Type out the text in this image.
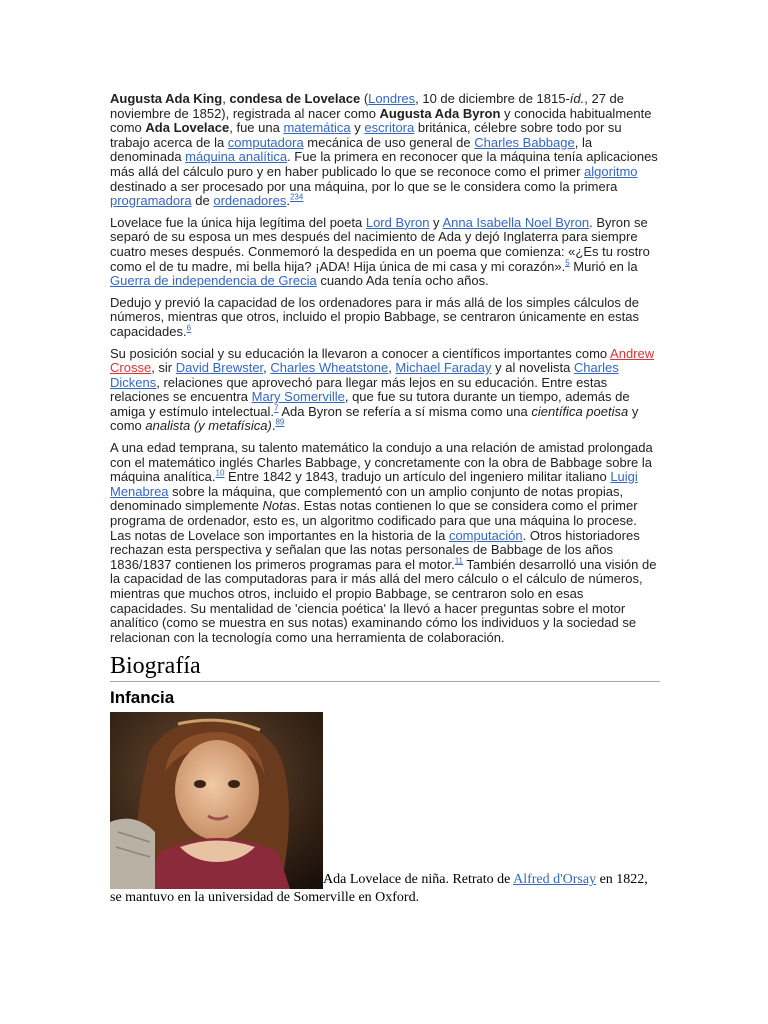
Augusta Ada King, condesa de Lovelace (Londres, 10 de diciembre de 1815-íd., 27 de noviembre de 1852), registrada al nacer como Augusta Ada Byron y conocida habitualmente como Ada Lovelace, fue una matemática y escritora británica, célebre sobre todo por su trabajo acerca de la computadora mecánica de uso general de Charles Babbage, la denominada máquina analítica. Fue la primera en reconocer que la máquina tenía aplicaciones más allá del cálculo puro y en haber publicado lo que se reconoce como el primer algoritmo destinado a ser procesado por una máquina, por lo que se le considera como la primera programadora de ordenadores.$^{234}$

Lovelace fue la única hija legítima del poeta Lord Byron y Anna Isabella Noel Byron. Byron se separó de su esposa un mes después del nacimiento de Ada y dejó Inglaterra para siempre cuatro meses después. Conmemoró la despedida en un poema que comienza: «¿Es tu rostro como el de tu madre, mi bella hija? ¡ADA! Hija única de mi casa y mi corazón».$^5$ Murió en la Guerra de independencia de Grecia cuando Ada tenía ocho años.

Dedujo y previó la capacidad de los ordenadores para ir más allá de los simples cálculos de números, mientras que otros, incluido el propio Babbage, se centraron únicamente en estas capacidades.$^6$

Su posición social y su educación la llevaron a conocer a científicos importantes como Andrew Crosse, sir David Brewster, Charles Wheatstone, Michael Faraday y al novelista Charles Dickens, relaciones que aprovechó para llegar más lejos en su educación. Entre estas relaciones se encuentra Mary Somerville, que fue su tutora durante un tiempo, además de amiga y estímulo intelectual.$^7$ Ada Byron se refería a sí misma como una científica poetisa y como analista (y metafísica).$^{89}$

A una edad temprana, su talento matemático la condujo a una relación de amistad prolongada con el matemático inglés Charles Babbage, y concretamente con la obra de Babbage sobre la máquina analítica.$^{10}$ Entre 1842 y 1843, tradujo un artículo del ingeniero militar italiano Luigi Menabrea sobre la máquina, que complementó con un amplio conjunto de notas propias, denominado simplemente Notas. Estas notas contienen lo que se considera como el primer programa de ordenador, esto es, un algoritmo codificado para que una máquina lo procese. Las notas de Lovelace son importantes en la historia de la computación. Otros historiadores rechazan esta perspectiva y señalan que las notas personales de Babbage de los años 1836/1837 contienen los primeros programas para el motor.$^{11}$ También desarrolló una visión de la capacidad de las computadoras para ir más allá del mero cálculo o el cálculo de números, mientras que muchos otros, incluido el propio Babbage, se centraron solo en esas capacidades. Su mentalidad de 'ciencia poética' la llevó a hacer preguntas sobre el motor analítico (como se muestra en sus notas) examinando cómo los individuos y la sociedad se relacionan con la tecnología como una herramienta de colaboración.

Biografía
Infancia
Ada Lovelace de niña. Retrato de Alfred d'Orsay en 1822, se mantuvo en la universidad de Somerville en Oxford.
